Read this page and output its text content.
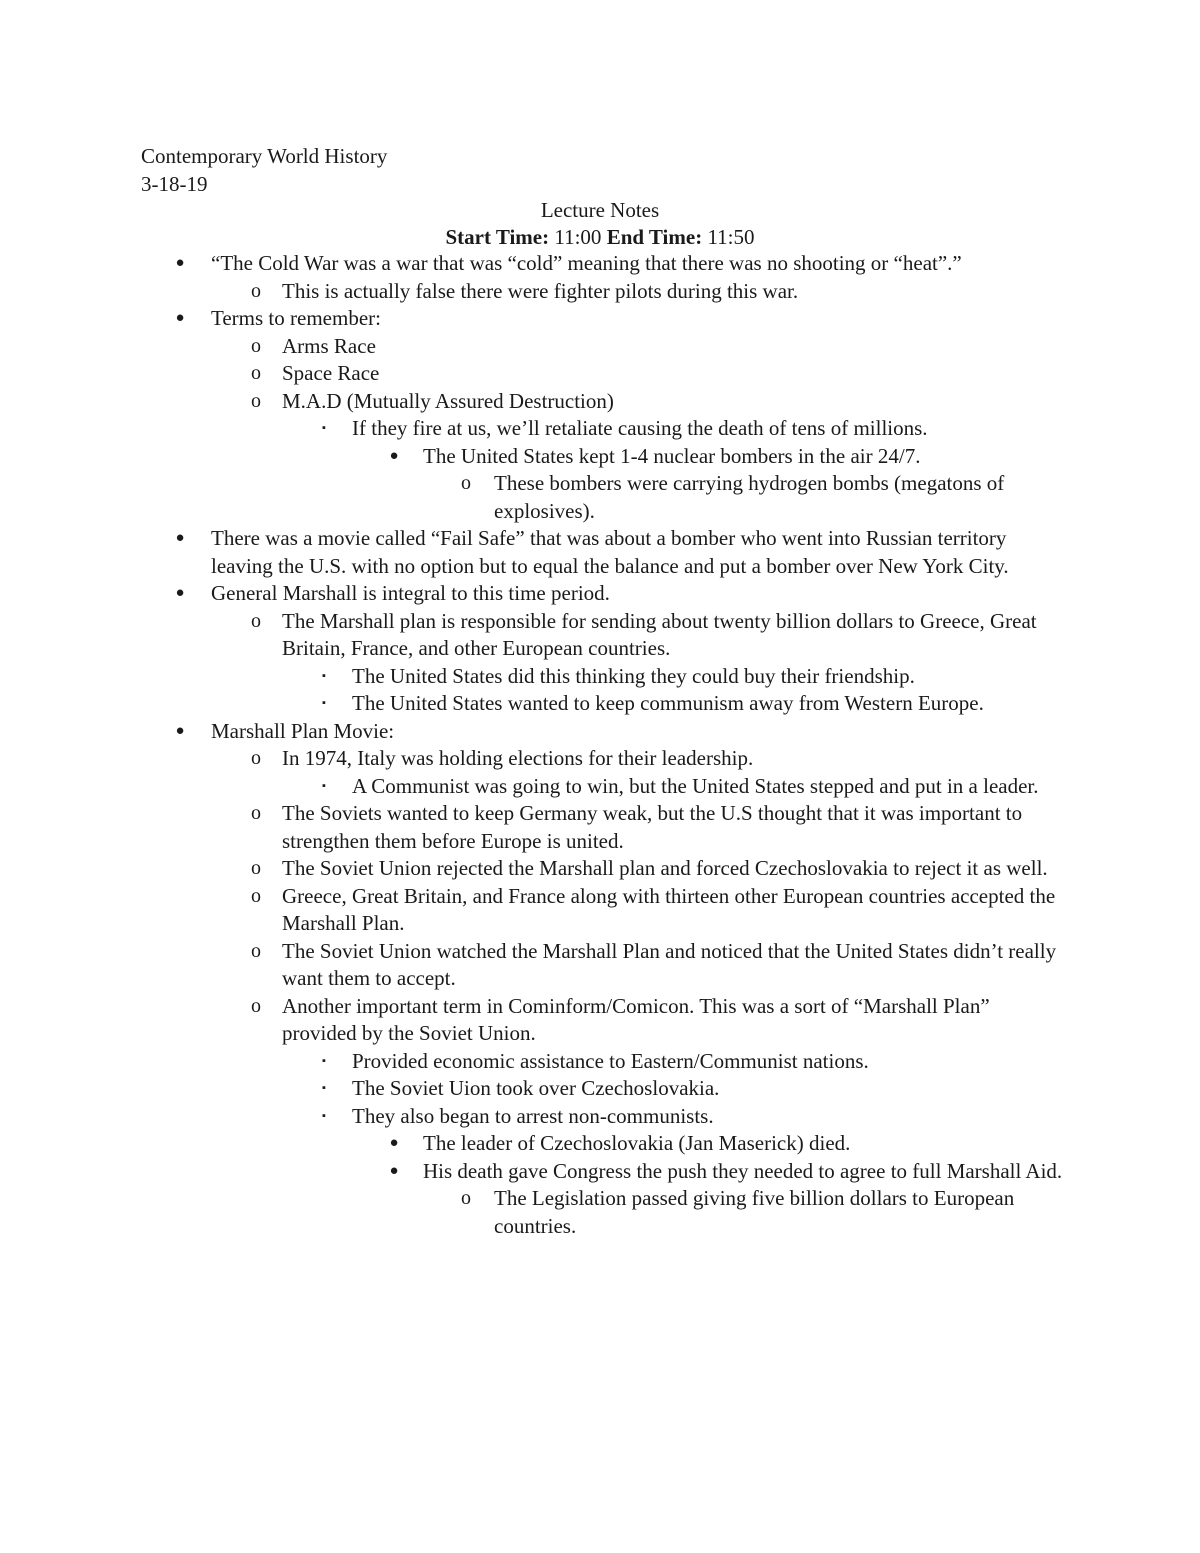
Contemporary World History
3-18-19
Lecture Notes
Start Time: 11:00 End Time: 11:50
● “The Cold War was a war that was “cold” meaning that there was no shooting or “heat”.”
o This is actually false there were fighter pilots during this war.
● Terms to remember:
o Arms Race
o Space Race
o M.A.D (Mutually Assured Destruction)
▪	If they fire at us, we’ll retaliate causing the death of tens of millions.
● The United States kept 1-4 nuclear bombers in the air 24/7.
o These bombers were carrying hydrogen bombs (megatons of explosives).
● There was a movie called “Fail Safe” that was about a bomber who went into Russian territory leaving the U.S. with no option but to equal the balance and put a bomber over New York City.
● General Marshall is integral to this time period.
o The Marshall plan is responsible for sending about twenty billion dollars to Greece, Great Britain, France, and other European countries.
▪	The United States did this thinking they could buy their friendship.
▪	The United States wanted to keep communism away from Western Europe.
● Marshall Plan Movie:
o In 1974, Italy was holding elections for their leadership.
▪	A Communist was going to win, but the United States stepped and put in a leader.
o The Soviets wanted to keep Germany weak, but the U.S thought that it was important to strengthen them before Europe is united.
o The Soviet Union rejected the Marshall plan and forced Czechoslovakia to reject it as well.
o Greece, Great Britain, and France along with thirteen other European countries accepted the Marshall Plan.
o The Soviet Union watched the Marshall Plan and noticed that the United States didn’t really want them to accept.
o Another important term in Cominform/Comicon. This was a sort of “Marshall Plan” provided by the Soviet Union.
▪	Provided economic assistance to Eastern/Communist nations.
▪	The Soviet Uion took over Czechoslovakia.
▪	They also began to arrest non-communists.
● The leader of Czechoslovakia (Jan Maserick) died.
● His death gave Congress the push they needed to agree to full Marshall Aid.
o The Legislation passed giving five billion dollars to European countries.
